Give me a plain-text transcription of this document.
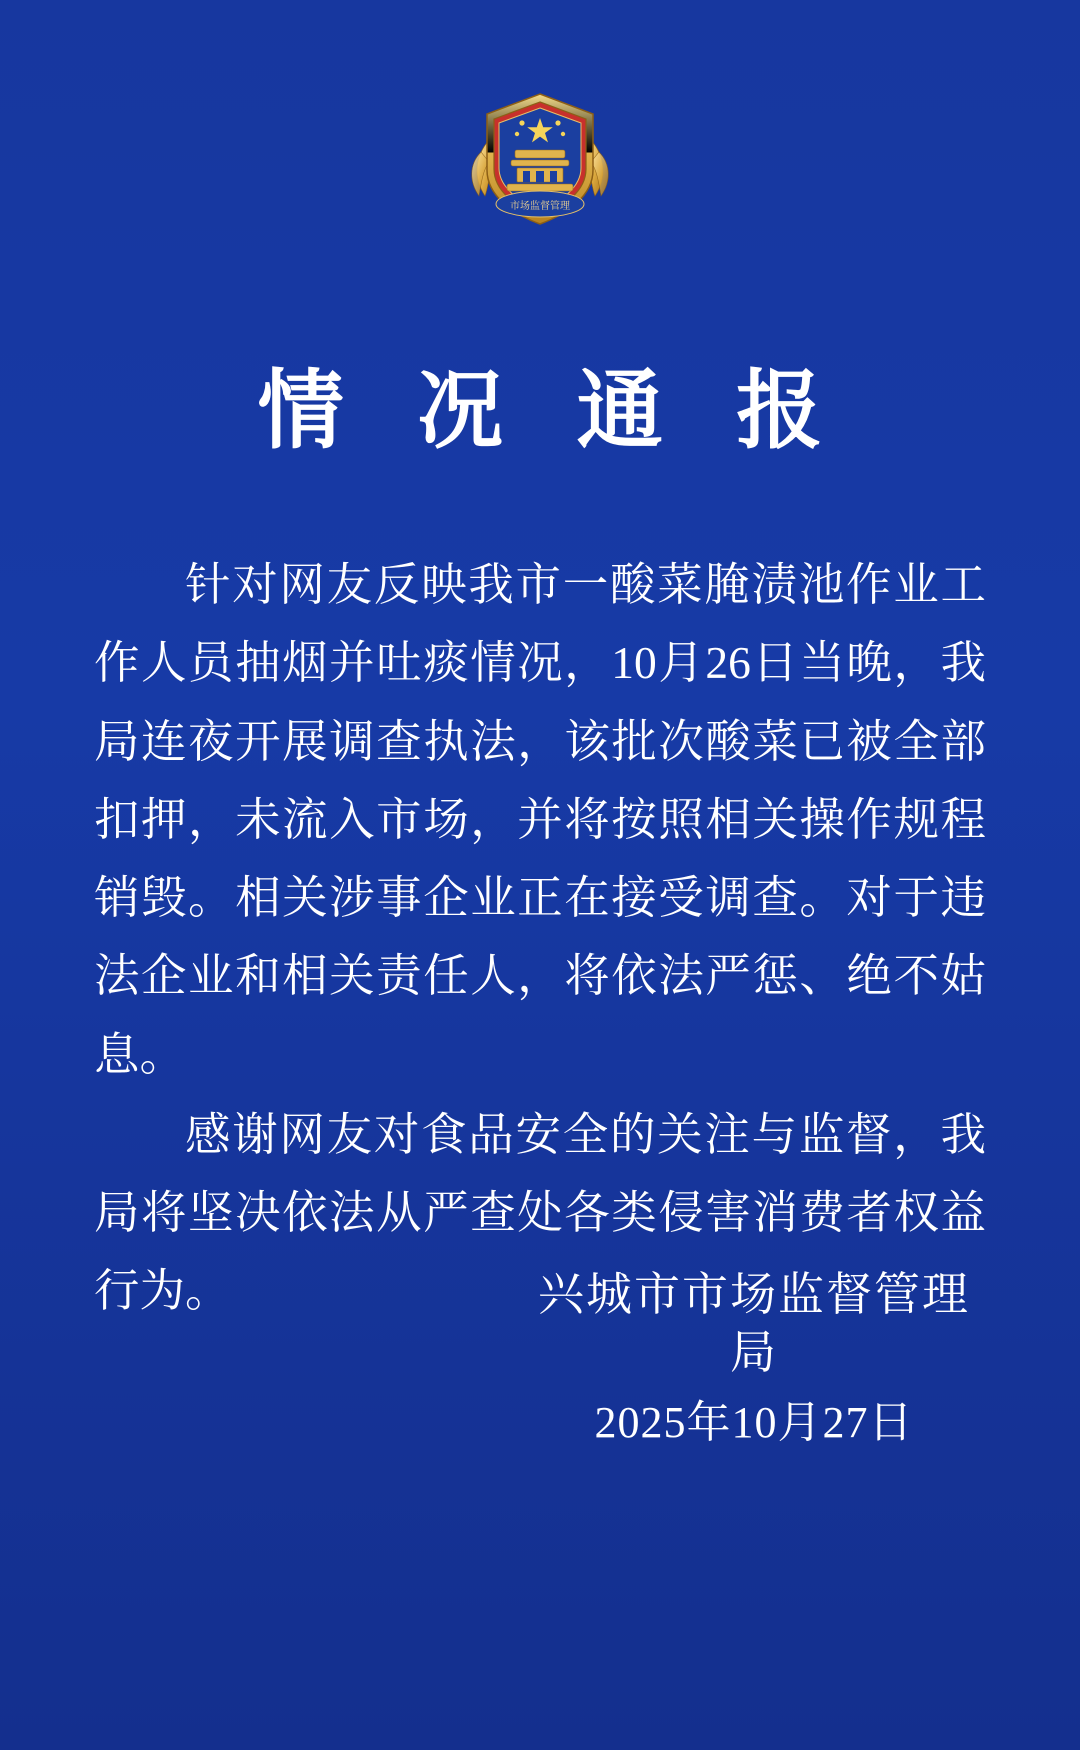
市场监督管理
情 况 通 报

针对网友反映我市一酸菜腌渍池作业工作人员抽烟并吐痰情况，10月26日当晚，我局连夜开展调查执法，该批次酸菜已被全部扣押，未流入市场，并将按照相关操作规程销毁。相关涉事企业正在接受调查。对于违法企业和相关责任人，将依法严惩、绝不姑息。

感谢网友对食品安全的关注与监督，我局将坚决依法从严查处各类侵害消费者权益行为。	兴城市市场监督管理局
2025年10月27日
